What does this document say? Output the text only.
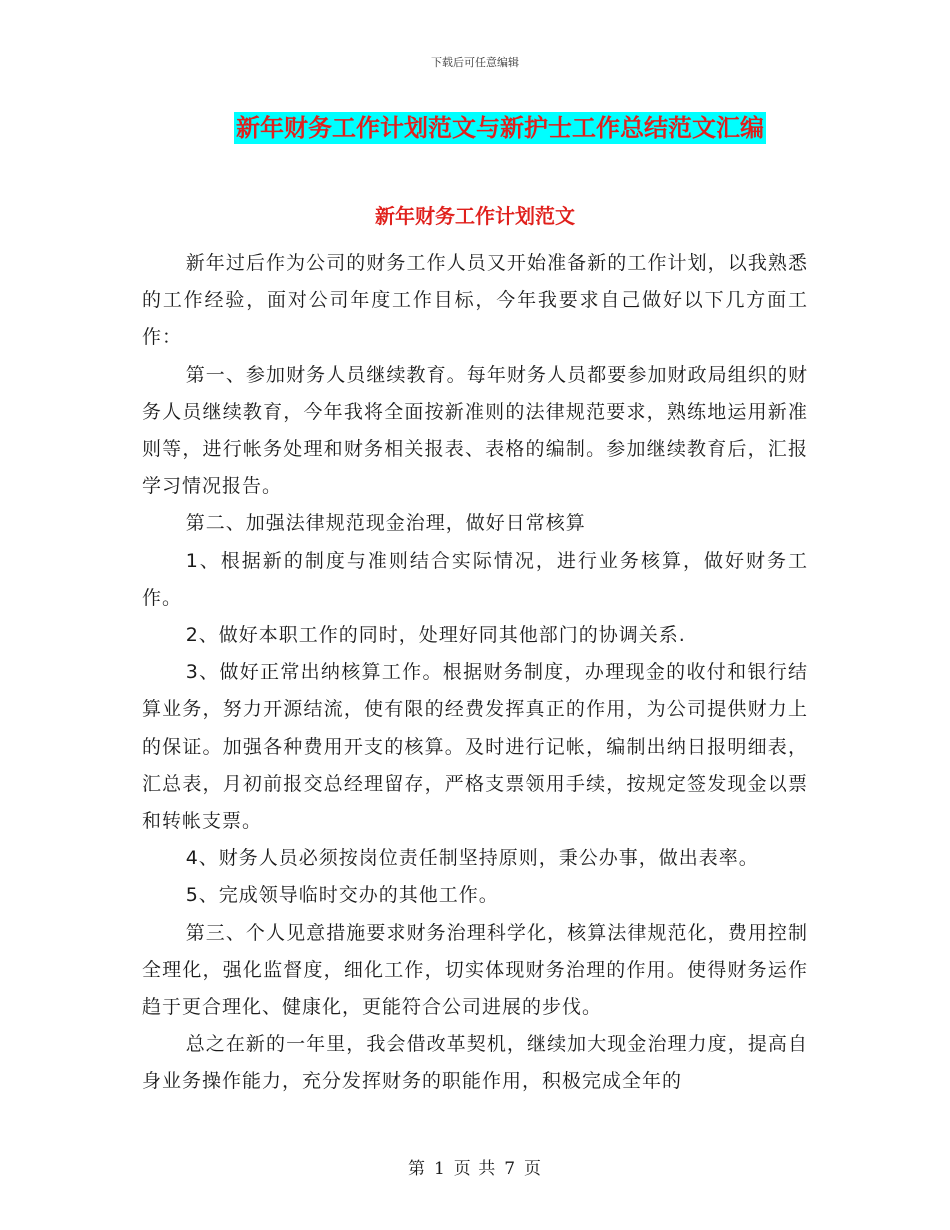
下载后可任意编辑
新年财务工作计划范文与新护士工作总结范文汇编
新年财务工作计划范文

新年过后作为公司的财务工作人员又开始准备新的工作计划，以我熟悉的工作经验，面对公司年度工作目标，今年我要求自己做好以下几方面工作：

第一、参加财务人员继续教育。每年财务人员都要参加财政局组织的财务人员继续教育，今年我将全面按新准则的法律规范要求，熟练地运用新准则等，进行帐务处理和财务相关报表、表格的编制。参加继续教育后，汇报学习情况报告。

第二、加强法律规范现金治理，做好日常核算

1、根据新的制度与准则结合实际情况，进行业务核算，做好财务工作。

2、做好本职工作的同时，处理好同其他部门的协调关系.

3、做好正常出纳核算工作。根据财务制度，办理现金的收付和银行结算业务，努力开源结流，使有限的经费发挥真正的作用，为公司提供财力上的保证。加强各种费用开支的核算。及时进行记帐，编制出纳日报明细表，汇总表，月初前报交总经理留存，严格支票领用手续，按规定签发现金以票和转帐支票。

4、财务人员必须按岗位责任制坚持原则，秉公办事，做出表率。

5、完成领导临时交办的其他工作。

第三、个人见意措施要求财务治理科学化，核算法律规范化，费用控制全理化，强化监督度，细化工作，切实体现财务治理的作用。使得财务运作趋于更合理化、健康化，更能符合公司进展的步伐。

总之在新的一年里，我会借改革契机，继续加大现金治理力度，提高自身业务操作能力，充分发挥财务的职能作用，积极完成全年的

第 1 页 共 7 页
